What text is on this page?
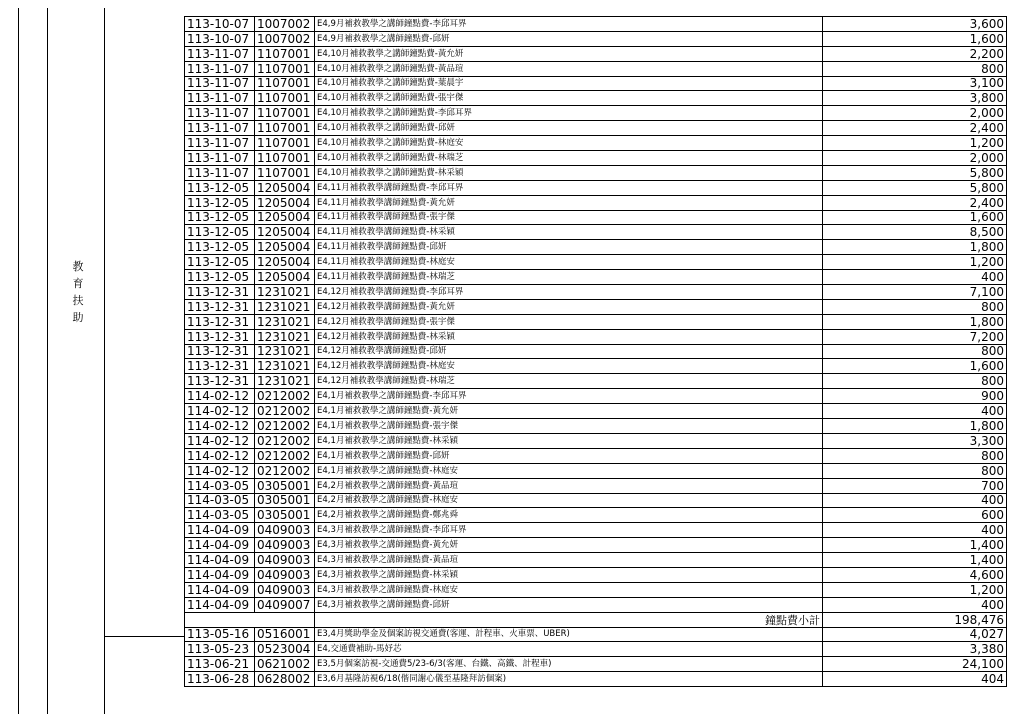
教
育
扶
助
113-10-07	1007002	E4,9月補救教學之講師鐘點費-李邱耳界	3,600
113-10-07	1007002	E4,9月補救教學之講師鐘點費-邱妍	1,600
113-11-07	1107001	E4,10月補救教學之講師鐘點費-黃允妍	2,200
113-11-07	1107001	E4,10月補救教學之講師鐘點費-黃品瑄	800
113-11-07	1107001	E4,10月補救教學之講師鐘點費-葉晨宇	3,100
113-11-07	1107001	E4,10月補救教學之講師鐘點費-張宇傑	3,800
113-11-07	1107001	E4,10月補救教學之講師鐘點費-李邱耳界	2,000
113-11-07	1107001	E4,10月補救教學之講師鐘點費-邱妍	2,400
113-11-07	1107001	E4,10月補救教學之講師鐘點費-林庭安	1,200
113-11-07	1107001	E4,10月補救教學之講師鐘點費-林瑞芝	2,000
113-11-07	1107001	E4,10月補救教學之講師鐘點費-林采穎	5,800
113-12-05	1205004	E4,11月補救教學講師鐘點費-李邱耳界	5,800
113-12-05	1205004	E4,11月補救教學講師鐘點費-黃允妍	2,400
113-12-05	1205004	E4,11月補救教學講師鐘點費-張宇傑	1,600
113-12-05	1205004	E4,11月補救教學講師鐘點費-林采穎	8,500
113-12-05	1205004	E4,11月補救教學講師鐘點費-邱妍	1,800
113-12-05	1205004	E4,11月補救教學講師鐘點費-林庭安	1,200
113-12-05	1205004	E4,11月補救教學講師鐘點費-林瑞芝	400
113-12-31	1231021	E4,12月補救教學講師鐘點費-李邱耳界	7,100
113-12-31	1231021	E4,12月補救教學講師鐘點費-黃允妍	800
113-12-31	1231021	E4,12月補救教學講師鐘點費-張宇傑	1,800
113-12-31	1231021	E4,12月補救教學講師鐘點費-林采穎	7,200
113-12-31	1231021	E4,12月補救教學講師鐘點費-邱妍	800
113-12-31	1231021	E4,12月補救教學講師鐘點費-林庭安	1,600
113-12-31	1231021	E4,12月補救教學講師鐘點費-林瑞芝	800
114-02-12	0212002	E4,1月補救教學之講師鐘點費-李邱耳界	900
114-02-12	0212002	E4,1月補救教學之講師鐘點費-黃允妍	400
114-02-12	0212002	E4,1月補救教學之講師鐘點費-張宇傑	1,800
114-02-12	0212002	E4,1月補救教學之講師鐘點費-林采穎	3,300
114-02-12	0212002	E4,1月補救教學之講師鐘點費-邱妍	800
114-02-12	0212002	E4,1月補救教學之講師鐘點費-林庭安	800
114-03-05	0305001	E4,2月補救教學之講師鐘點費-黃品瑄	700
114-03-05	0305001	E4,2月補救教學之講師鐘點費-林庭安	400
114-03-05	0305001	E4,2月補救教學之講師鐘點費-鄭兆舜	600
114-04-09	0409003	E4,3月補救教學之講師鐘點費-李邱耳界	400
114-04-09	0409003	E4,3月補救教學之講師鐘點費-黃允妍	1,400
114-04-09	0409003	E4,3月補救教學之講師鐘點費-黃品瑄	1,400
114-04-09	0409003	E4,3月補救教學之講師鐘點費-林采穎	4,600
114-04-09	0409003	E4,3月補救教學之講師鐘點費-林庭安	1,200
114-04-09	0409007	E4,3月補救教學之講師鐘點費-邱妍	400
		鐘點費小計	198,476
113-05-16	0516001	E3,4月獎助學金及個案訪視交通費(客運、計程車、火車票、UBER)	4,027
113-05-23	0523004	E4,交通費補助-馬妤芯	3,380
113-06-21	0621002	E3,5月個案訪視-交通費5/23-6/3(客運、台鐵、高鐵、計程車)	24,100
113-06-28	0628002	E3,6月基隆訪視6/18(偕同謝心儀至基隆拜訪個案)	404
